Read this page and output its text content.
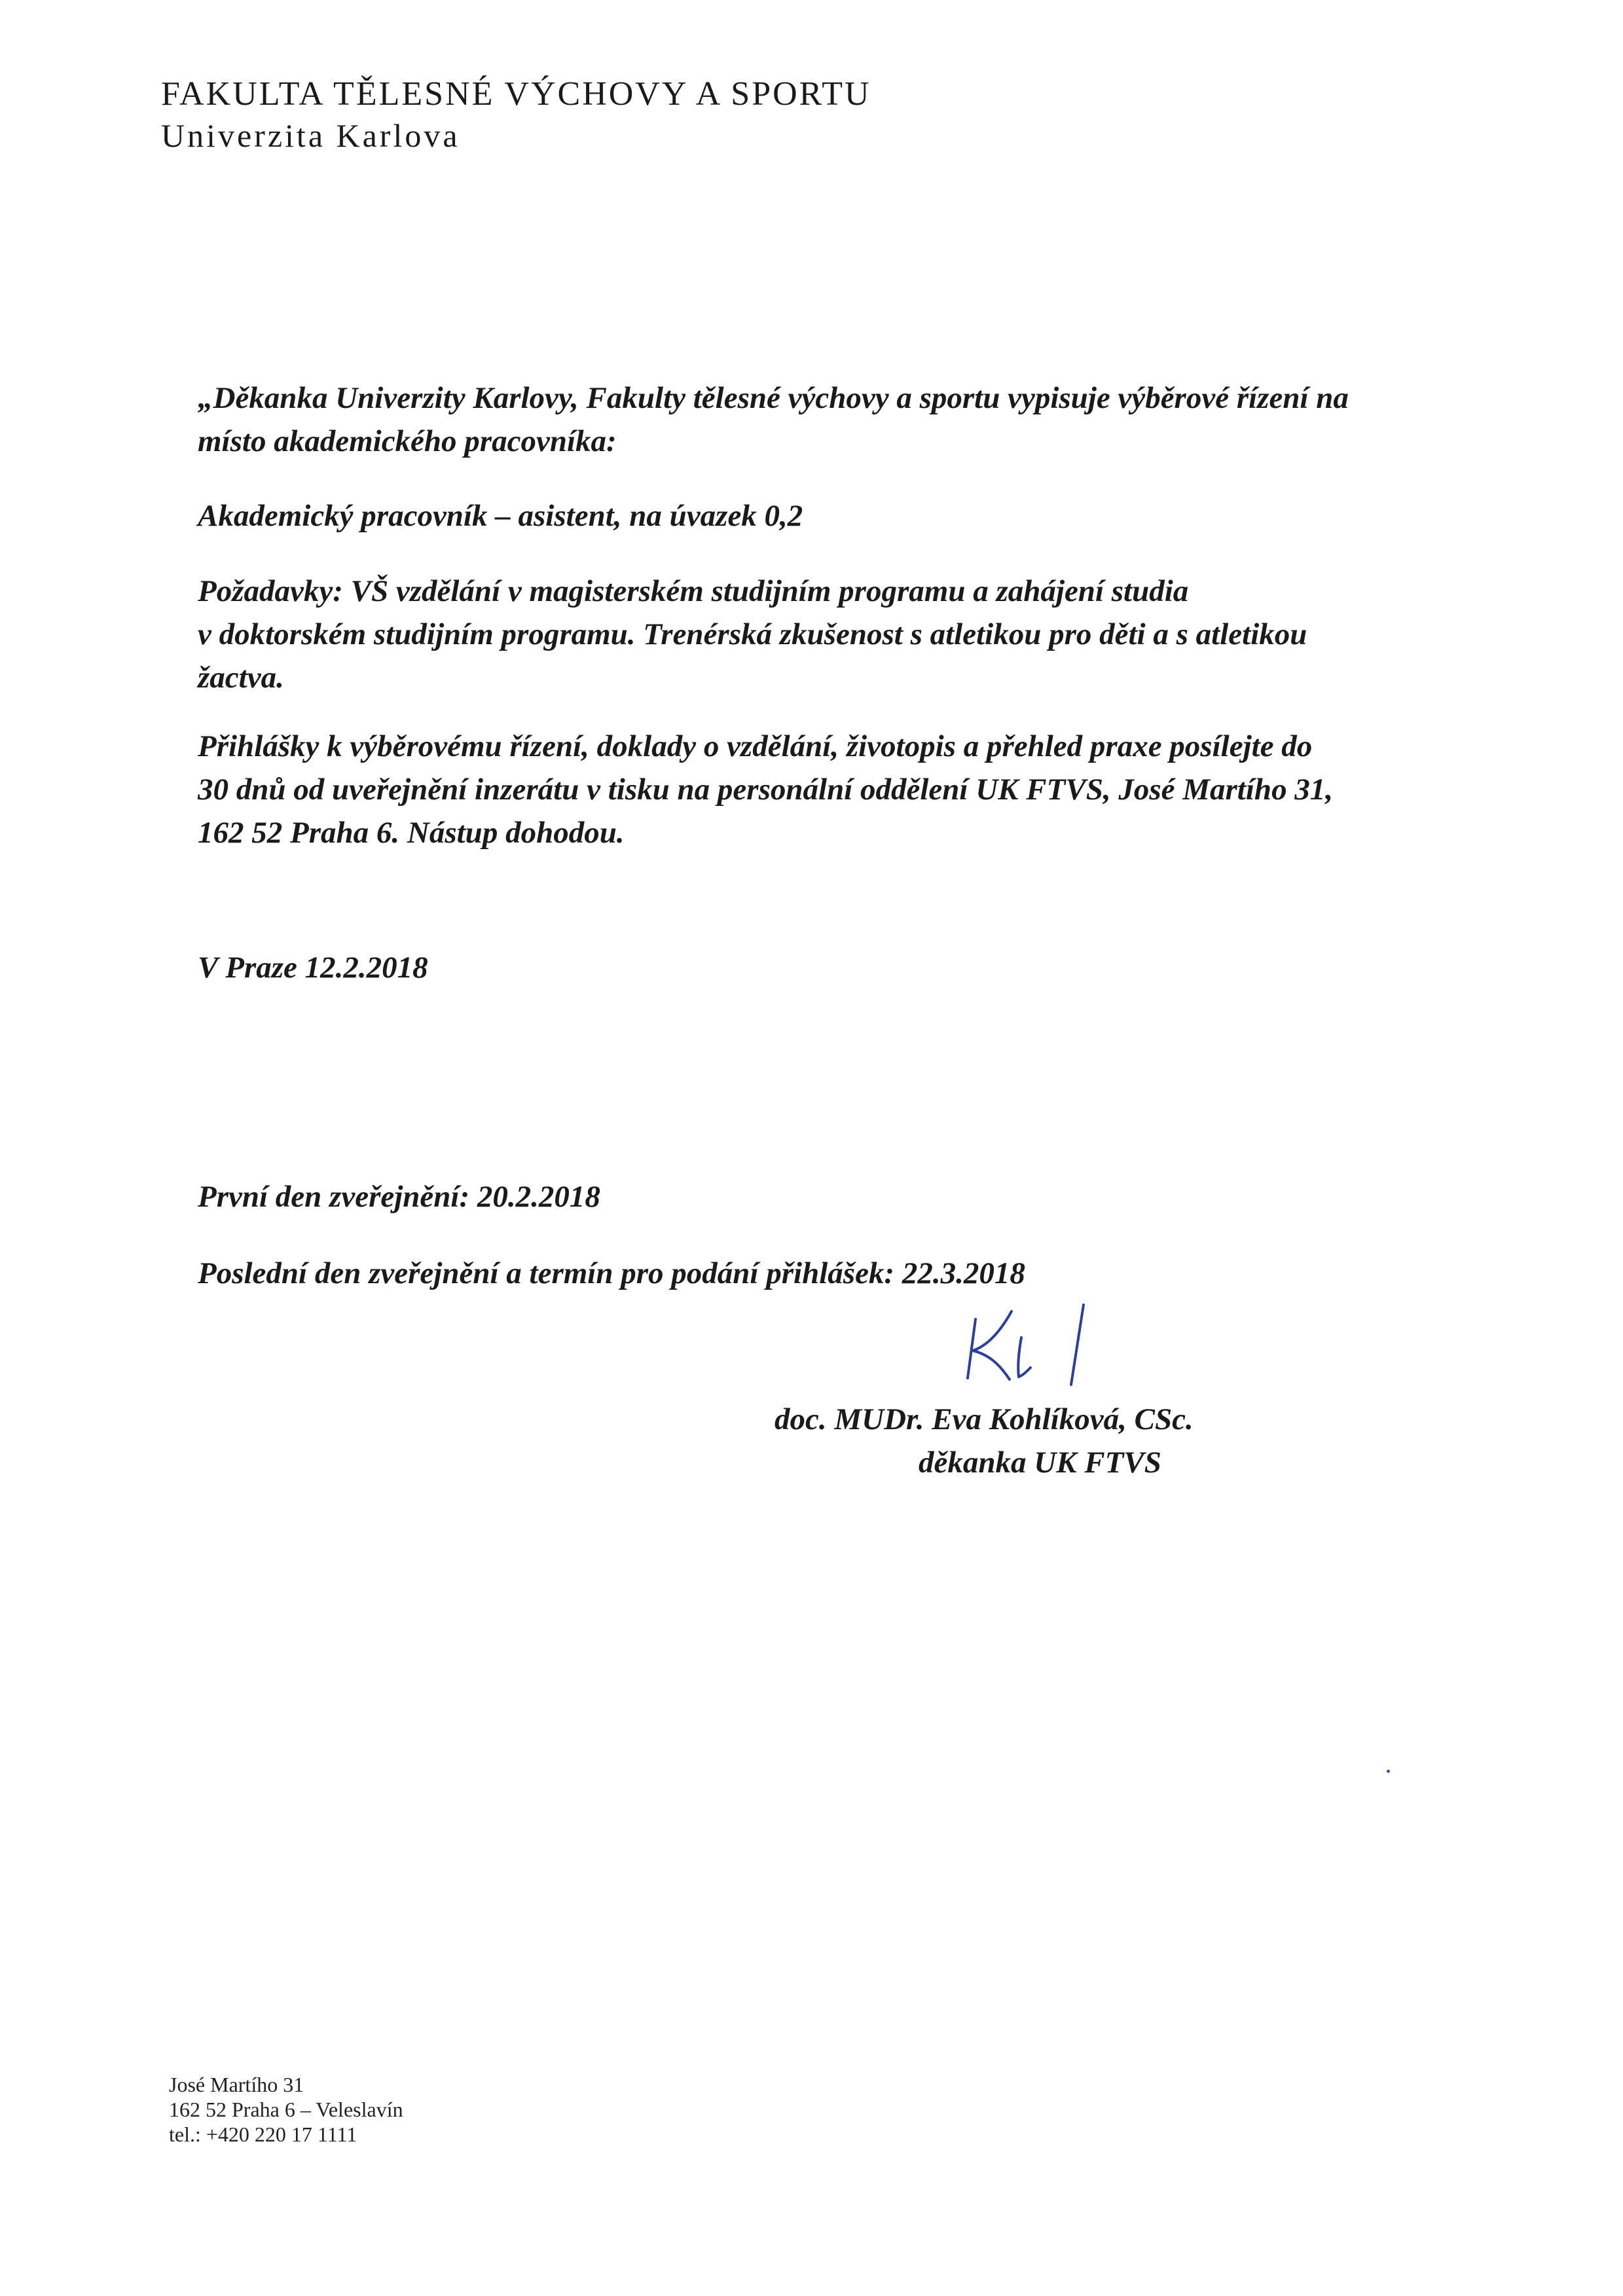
FAKULTA TĚLESNÉ VÝCHOVY A SPORTU
Univerzita Karlova

„Děkanka Univerzity Karlovy, Fakulty tělesné výchovy a sportu vypisuje výběrové řízení na

místo akademického pracovníka:

Akademický pracovník – asistent, na úvazek 0,2

Požadavky: VŠ vzdělání v magisterském studijním programu a zahájení studia

v doktorském studijním programu. Trenérská zkušenost s atletikou pro děti a s atletikou

žactva.

Přihlášky k výběrovému řízení, doklady o vzdělání, životopis a přehled praxe posílejte do

30 dnů od uveřejnění inzerátu v tisku na personální oddělení UK FTVS, José Martího 31,

162 52 Praha 6. Nástup dohodou.

V Praze 12.2.2018

První den zveřejnění: 20.2.2018

Poslední den zveřejnění a termín pro podání přihlášek: 22.3.2018

doc. MUDr. Eva Kohlíková, CSc.
děkanka UK FTVS
José Martího 31
162 52 Praha 6 – Veleslavín
tel.: +420 220 17 1111
